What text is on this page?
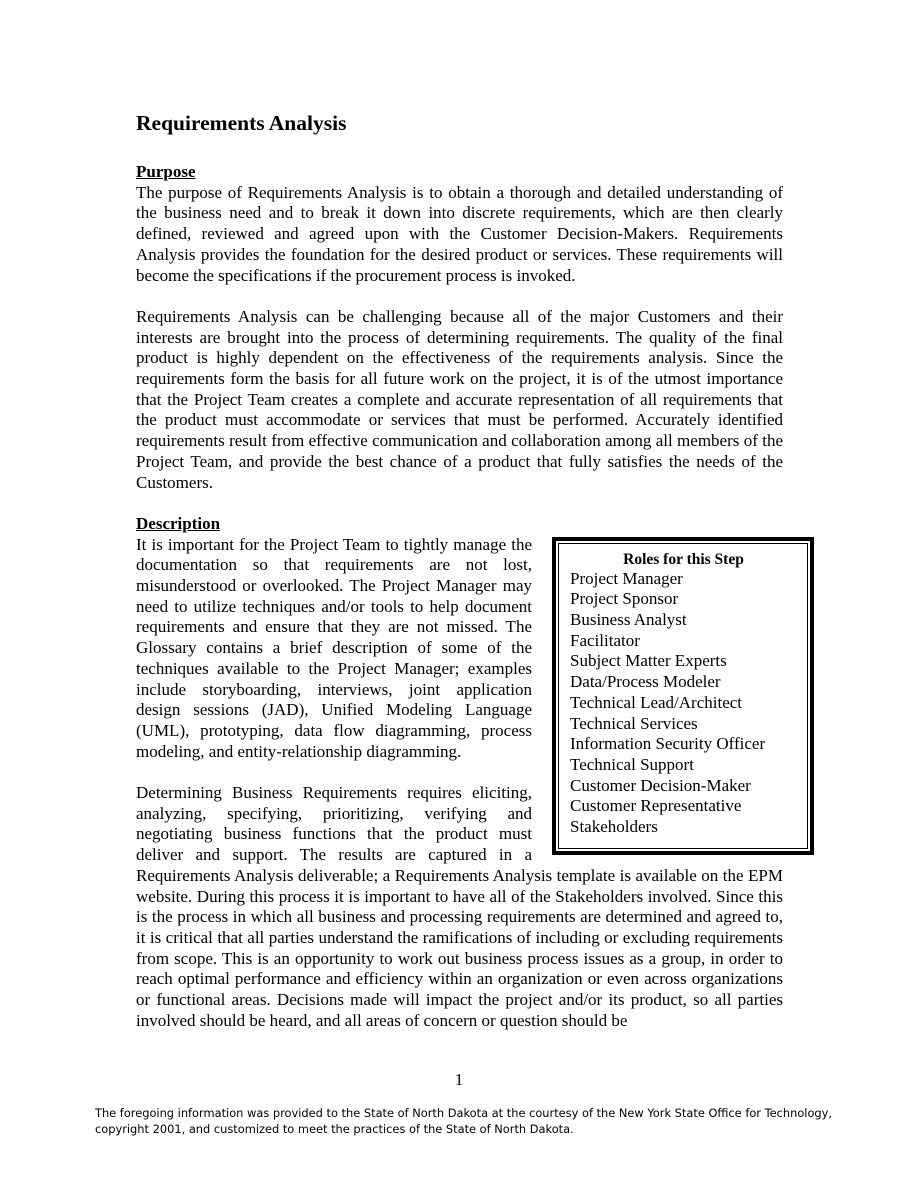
Requirements Analysis
Purpose

The purpose of Requirements Analysis is to obtain a thorough and detailed understanding of the business need and to break it down into discrete requirements, which are then clearly defined, reviewed and agreed upon with the Customer Decision-Makers. Requirements Analysis provides the foundation for the desired product or services. These requirements will become the specifications if the procurement process is invoked.

Requirements Analysis can be challenging because all of the major Customers and their interests are brought into the process of determining requirements. The quality of the final product is highly dependent on the effectiveness of the requirements analysis. Since the requirements form the basis for all future work on the project, it is of the utmost importance that the Project Team creates a complete and accurate representation of all requirements that the product must accommodate or services that must be performed. Accurately identified requirements result from effective communication and collaboration among all members of the Project Team, and provide the best chance of a product that fully satisfies the needs of the Customers.

Description
Roles for this Step
Project Manager
Project Sponsor
Business Analyst
Facilitator
Subject Matter Experts
Data/Process Modeler
Technical Lead/Architect
Technical Services
Information Security Officer
Technical Support
Customer Decision-Maker
Customer Representative
Stakeholders

It is important for the Project Team to tightly manage the documentation so that requirements are not lost, misunderstood or overlooked. The Project Manager may need to utilize techniques and/or tools to help document requirements and ensure that they are not missed. The Glossary contains a brief description of some of the techniques available to the Project Manager; examples include storyboarding, interviews, joint application design sessions (JAD), Unified Modeling Language (UML), prototyping, data flow diagramming, process modeling, and entity-relationship diagramming.

Determining Business Requirements requires eliciting, analyzing, specifying, prioritizing, verifying and negotiating business functions that the product must deliver and support. The results are captured in a Requirements Analysis deliverable; a Requirements Analysis template is available on the EPM website. During this process it is important to have all of the Stakeholders involved. Since this is the process in which all business and processing requirements are determined and agreed to, it is critical that all parties understand the ramifications of including or excluding requirements from scope. This is an opportunity to work out business process issues as a group, in order to reach optimal performance and efficiency within an organization or even across organizations or functional areas. Decisions made will impact the project and/or its product, so all parties involved should be heard, and all areas of concern or question should be

1
The foregoing information was provided to the State of North Dakota at the courtesy of the New York State Office for Technology, copyright 2001, and customized to meet the practices of the State of North Dakota.
